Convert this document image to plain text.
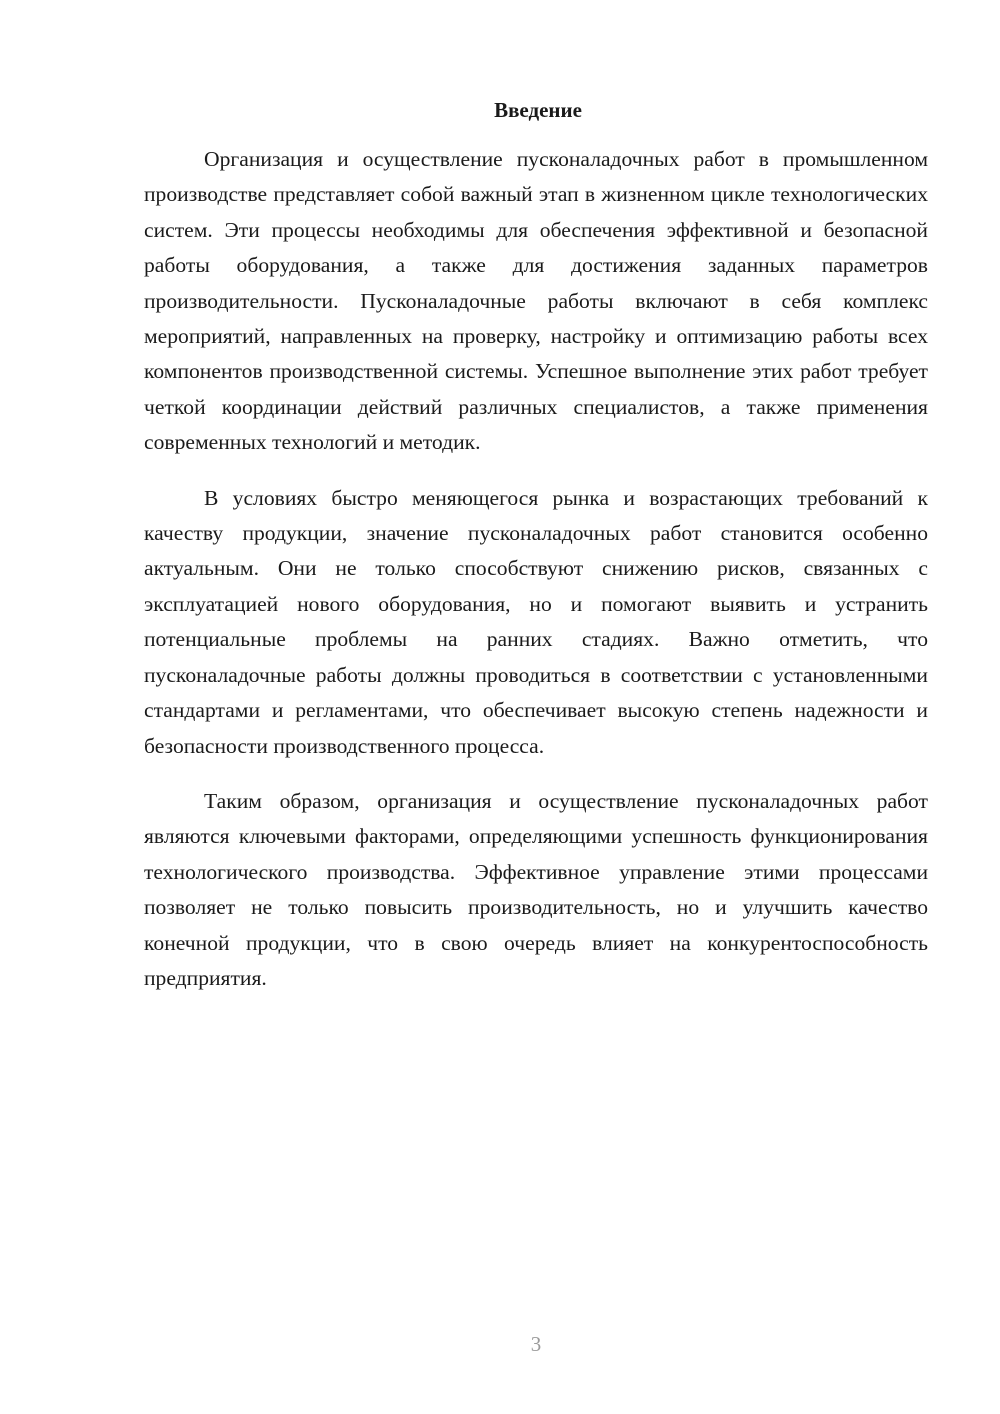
Введение

Организация и осуществление пусконаладочных работ в промышленном производстве представляет собой важный этап в жизненном цикле технологических систем. Эти процессы необходимы для обеспечения эффективной и безопасной работы оборудования, а также для достижения заданных параметров производительности. Пусконаладочные работы включают в себя комплекс мероприятий, направленных на проверку, настройку и оптимизацию работы всех компонентов производственной системы. Успешное выполнение этих работ требует четкой координации действий различных специалистов, а также применения современных технологий и методик.

В условиях быстро меняющегося рынка и возрастающих требований к качеству продукции, значение пусконаладочных работ становится особенно актуальным. Они не только способствуют снижению рисков, связанных с эксплуатацией нового оборудования, но и помогают выявить и устранить потенциальные проблемы на ранних стадиях. Важно отметить, что пусконаладочные работы должны проводиться в соответствии с установленными стандартами и регламентами, что обеспечивает высокую степень надежности и безопасности производственного процесса.

Таким образом, организация и осуществление пусконаладочных работ являются ключевыми факторами, определяющими успешность функционирования технологического производства. Эффективное управление этими процессами позволяет не только повысить производительность, но и улучшить качество конечной продукции, что в свою очередь влияет на конкурентоспособность предприятия.

3
